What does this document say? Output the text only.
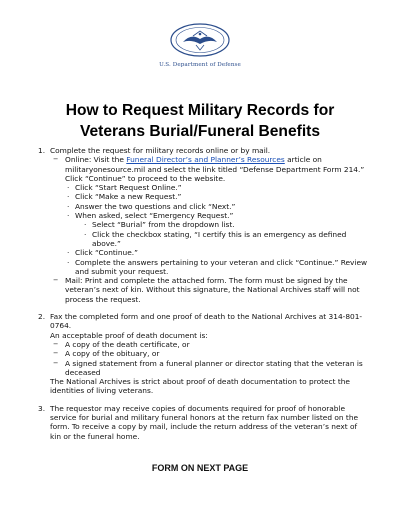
U.S. Department of Defense
How to Request Military Records for
Veterans Burial/Funeral Benefits
1. Complete the request for military records online or by mail.
− Online: Visit the Funeral Director’s and Planner’s Resources article on militaryonesource.mil and select the link titled “Defense Department Form 214.” Click “Continue” to proceed to the website.
· Click “Start Request Online.”
· Click “Make a new Request.”
· Answer the two questions and click “Next.”
· When asked, select “Emergency Request.”
· Select “Burial” from the dropdown list.
· Click the checkbox stating, “I certify this is an emergency as defined above.”
· Click “Continue.”
· Complete the answers pertaining to your veteran and click “Continue.” Review and submit your request.
− Mail: Print and complete the attached form. The form must be signed by the veteran’s next of kin. Without this signature, the National Archives staff will not process the request.
2. Fax the completed form and one proof of death to the National Archives at 314-801-0764.
An acceptable proof of death document is:
− A copy of the death certificate, or
− A copy of the obituary, or
− A signed statement from a funeral planner or director stating that the veteran is deceased
The National Archives is strict about proof of death documentation to protect the identities of living veterans.
3. The requestor may receive copies of documents required for proof of honorable service for burial and military funeral honors at the return fax number listed on the form. To receive a copy by mail, include the return address of the veteran’s next of kin or the funeral home.
FORM ON NEXT PAGE
